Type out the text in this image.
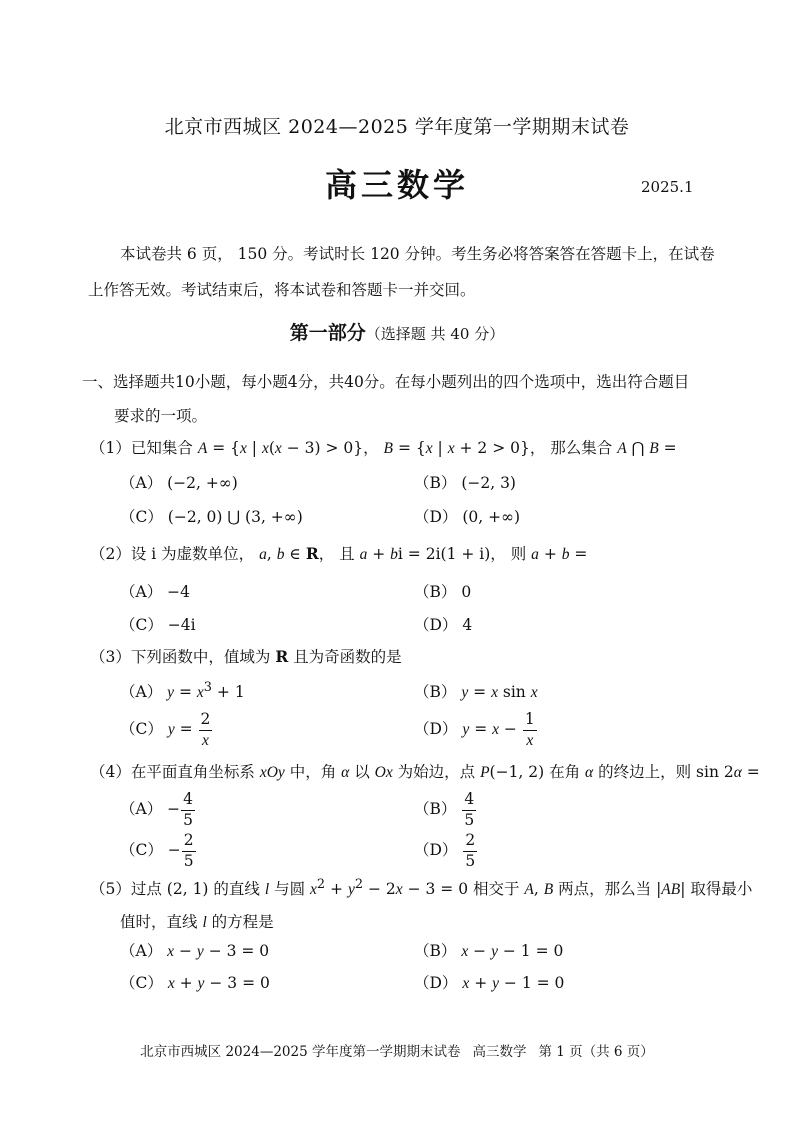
北京市西城区 2024—2025 学年度第一学期期末试卷
高三数学	2025.1

本试卷共 6 页， 150 分。考试时长 120 分钟。考生务必将答案答在答题卡上，在试卷

上作答无效。考试结束后，将本试卷和答题卡一并交回。

第一部分（选择题 共 40 分）
一、选择题共10小题，每小题4分，共40分。在每小题列出的四个选项中，选出符合题目
要求的一项。
（1）已知集合 A = {x | x(x − 3) > 0}， B = {x | x + 2 > 0}， 那么集合 A ⋂ B =
（A） (−2, +∞)	（B） (−2, 3)
（C） (−2, 0) ⋃ (3, +∞)	（D） (0, +∞)
（2）设 i 为虚数单位， a, b ∈ R， 且 a + bi = 2i(1 + i)， 则 a + b =
（A） −4	（B） 0
（C） −4i	（D） 4
（3）下列函数中，值域为 R 且为奇函数的是
（A） $y = x^3 + 1$	（B） y = x sin x
（C） $y = \frac{2}{x}$	（D） $y = x - \frac{1}{x}$
（4）在平面直角坐标系 xOy 中，角 α 以 Ox 为始边，点 P(−1, 2) 在角 α 的终边上，则 sin 2α =
$(A) - \frac{4}{5}$	$(B) \frac{4}{5}$
$(C) - \frac{2}{5}$	$(D) \frac{2}{5}$
（5）过点 (2, 1) 的直线 l 与圆 $x^2 + y^2 - 2x - 3 = 0$ 相交于 A, B 两点，那么当 |AB| 取得最小
值时，直线 l 的方程是
（A） x − y − 3 = 0	（B） x − y − 1 = 0
（C） x + y − 3 = 0	（D） x + y − 1 = 0
北京市西城区 2024—2025 学年度第一学期期末试卷 高三数学 第 1 页（共 6 页）
